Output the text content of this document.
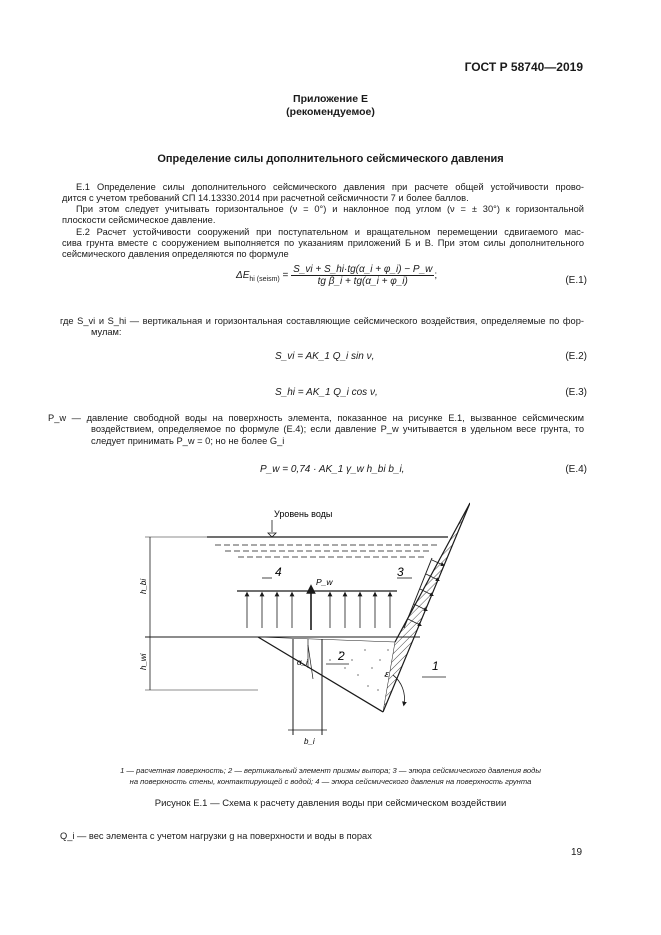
ГОСТ Р 58740—2019
Приложение Е
(рекомендуемое)
Определение силы дополнительного сейсмического давления
Е.1 Определение силы дополнительного сейсмического давления при расчете общей устойчивости прово-
дится с учетом требований СП 14.13330.2014 при расчетной сейсмичности 7 и более баллов.
При этом следует учитывать горизонтальное (ν = 0°) и наклонное под углом (ν = ± 30°) к горизонтальной
плоскости сейсмическое давление.
Е.2 Расчет устойчивости сооружений при поступательном и вращательном перемещении сдвигаемого мас-
сива грунта вместе с сооружением выполняется по указаниям приложений Б и В. При этом силы дополнительного
сейсмического давления определяются по формуле
$\Delta E_{hi (seism)} = \frac{S\_vi + S\_hi\cdot tg(\alpha\_i + \varphi\_i) - P\_w}{\text{tg β\_i + tg(α\_i + φ\_i)}}$ ;	(Е.1)
где S_vi и S_hi — вертикальная и горизонтальная составляющие сейсмического воздействия, определяемые по фор-
мулам:
S_vi = AK_1 Q_i sin ν,	(Е.2)
S_hi = AK_1 Q_i cos ν,	(Е.3)
P_w — давление свободной воды на поверхность элемента, показанное на рисунке Е.1, вызванное сейсмическим
воздействием, определяемое по формуле (Е.4); если давление P_w учитывается в удельном весе грунта, то
следует принимать P_w = 0; но не более G_i
P_w = 0,74 · AK_1 γ_w h_bi b_i,	(Е.4)
Уровень воды
h_bi
h_wi
P_w
α_i
b_i
ε
4	3
2
1
1 — расчетная поверхность; 2 — вертикальный элемент призмы выпора; 3 — эпюра сейсмического давления воды
на поверхность стены, контактирующей с водой; 4 — эпюра сейсмического давления на поверхность грунта
Рисунок Е.1 — Схема к расчету давления воды при сейсмическом воздействии
Q_i — вес элемента с учетом нагрузки g на поверхности и воды в порах
19
